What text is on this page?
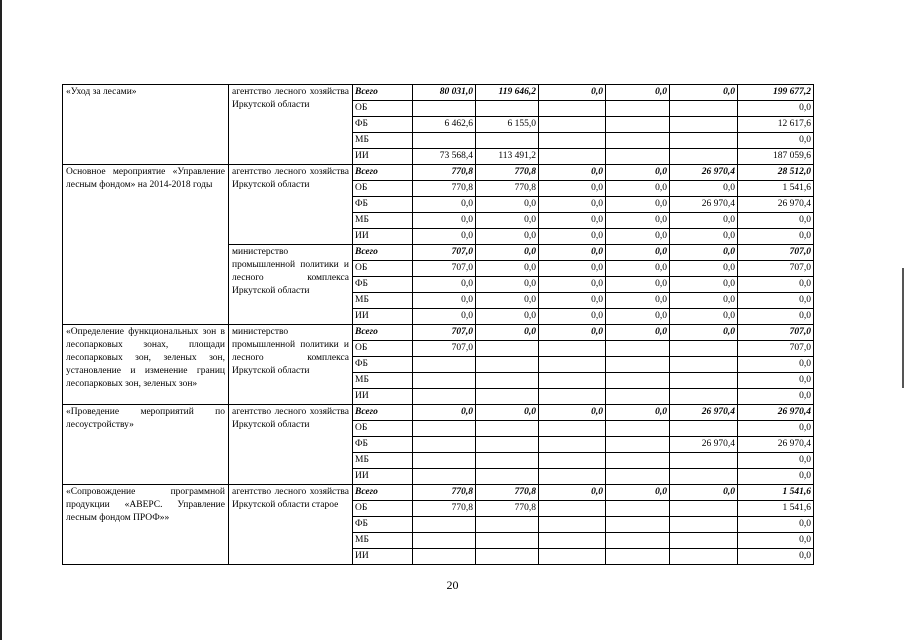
«Уход за лесами»	агентство лесного хозяйства Иркутской области	Всего	80 031,0	119 646,2	0,0	0,0	0,0	199 677,2
		ОБ						0,0
		ФБ	6 462,6	6 155,0				12 617,6
		МБ						0,0
		ИИ	73 568,4	113 491,2				187 059,6
Основное мероприятие «Управление лесным фондом» на 2014-2018 годы	агентство лесного хозяйства Иркутской области	Всего	770,8	770,8	0,0	0,0	26 970,4	28 512,0
		ОБ	770,8	770,8	0,0	0,0	0,0	1 541,6
		ФБ	0,0	0,0	0,0	0,0	26 970,4	26 970,4
		МБ	0,0	0,0	0,0	0,0	0,0	0,0
		ИИ	0,0	0,0	0,0	0,0	0,0	0,0
	министерство промышленной политики и лесного комплекса Иркутской области	Всего	707,0	0,0	0,0	0,0	0,0	707,0
		ОБ	707,0	0,0	0,0	0,0	0,0	707,0
		ФБ	0,0	0,0	0,0	0,0	0,0	0,0
		МБ	0,0	0,0	0,0	0,0	0,0	0,0
		ИИ	0,0	0,0	0,0	0,0	0,0	0,0
«Определение функциональных зон в лесопарковых зонах, площади лесопарковых зон, зеленых зон, установление и изменение границ лесопарковых зон, зеленых зон»	министерство промышленной политики и лесного комплекса Иркутской области	Всего	707,0	0,0	0,0	0,0	0,0	707,0
		ОБ	707,0					707,0
		ФБ						0,0
		МБ						0,0
		ИИ						0,0
«Проведение мероприятий по лесоустройству»	агентство лесного хозяйства Иркутской области	Всего	0,0	0,0	0,0	0,0	26 970,4	26 970,4
		ОБ						0,0
		ФБ					26 970,4	26 970,4
		МБ						0,0
		ИИ						0,0
«Сопровождение программной продукции «АВЕРС. Управление лесным фондом ПРОФ»»	агентство лесного хозяйства Иркутской области старое	Всего	770,8	770,8	0,0	0,0	0,0	1 541,6
		ОБ	770,8	770,8				1 541,6
		ФБ						0,0
		МБ						0,0
		ИИ						0,0
20
